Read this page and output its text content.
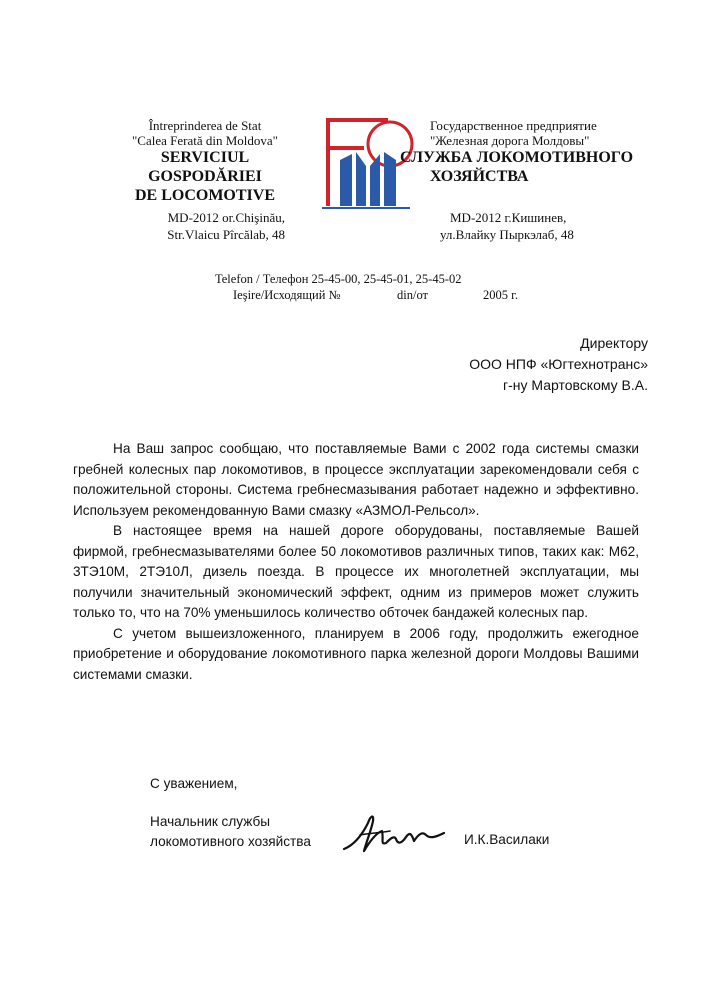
Întreprinderea de Stat
"Calea Ferată din Moldova"
SERVICIUL GOSPODĂRIEI
DE LOCOMOTIVE
Государственное предприятие
"Железная дорога Молдовы"
СЛУЖБА ЛОКОМОТИВНОГО
ХОЗЯЙСТВА
MD-2012 or.Chişinău,
Str.Vlaicu Pîrcălab, 48
MD-2012 г.Кишинев,
ул.Влайку Пыркэлаб, 48
Telefon / Телефон 25-45-00, 25-45-01, 25-45-02
Ieşire/Исходящий №	din/от	2005 г.
Директору
ООО НПФ «Югтехнотранс»
г-ну Мартовскому В.А.

На Ваш запрос сообщаю, что поставляемые Вами с 2002 года системы смазки гребней колесных пар локомотивов, в процессе эксплуатации зарекомендовали себя с положительной стороны. Система гребнесмазывания работает надежно и эффективно. Используем рекомендованную Вами смазку «АЗМОЛ-Рельсол».

В настоящее время на нашей дороге оборудованы, поставляемые Вашей фирмой, гребнесмазывателями более 50 локомотивов различных типов, таких как: М62, 3ТЭ10М, 2ТЭ10Л, дизель поезда. В процессе их многолетней эксплуатации, мы получили значительный экономический эффект, одним из примеров может служить только то, что на 70% уменьшилось количество обточек бандажей колесных пар.

С учетом вышеизложенного, планируем в 2006 году, продолжить ежегодное приобретение и оборудование локомотивного парка железной дороги Молдовы Вашими системами смазки.

С уважением,
Начальник службы
локомотивного хозяйства	И.К.Василаки
